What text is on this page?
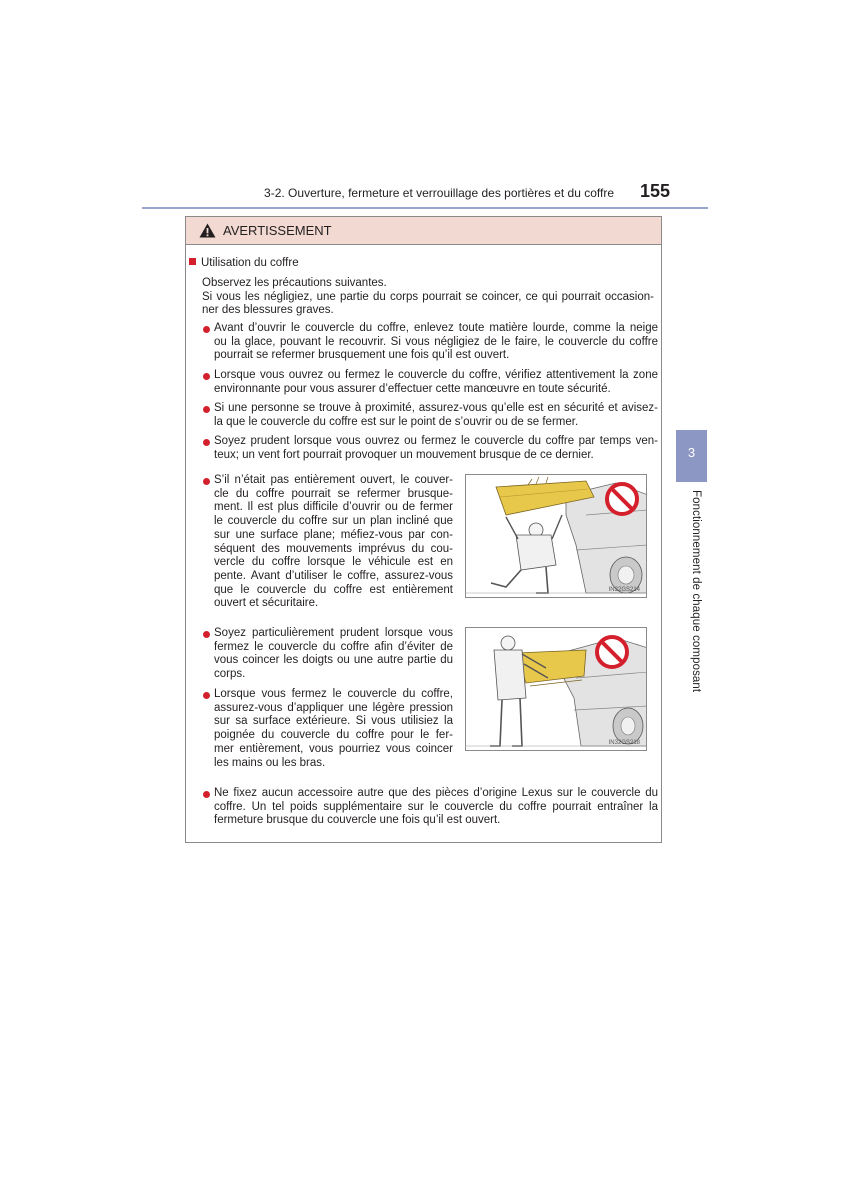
3-2. Ouverture, fermeture et verrouillage des portières et du coffre 155
3
Fonctionnement de chaque composant
AVERTISSEMENT
Utilisation du coffre
Observez les précautions suivantes.
Si vous les négligiez, une partie du corps pourrait se coincer, ce qui pourrait occasion-
ner des blessures graves.
Avant d’ouvrir le couvercle du coffre, enlevez toute matière lourde, comme la neige
ou la glace, pouvant le recouvrir. Si vous négligiez de le faire, le couvercle du coffre
pourrait se refermer brusquement une fois qu’il est ouvert.
Lorsque vous ouvrez ou fermez le couvercle du coffre, vérifiez attentivement la zone
environnante pour vous assurer d’effectuer cette manœuvre en toute sécurité.
Si une personne se trouve à proximité, assurez-vous qu’elle est en sécurité et avisez-
la que le couvercle du coffre est sur le point de s’ouvrir ou de se fermer.
Soyez prudent lorsque vous ouvrez ou fermez le couvercle du coffre par temps ven-
teux; un vent fort pourrait provoquer un mouvement brusque de ce dernier.
S’il n’était pas entièrement ouvert, le couver-
cle du coffre pourrait se refermer brusque-
ment. Il est plus difficile d’ouvrir ou de fermer
le couvercle du coffre sur un plan incliné que
sur une surface plane; méfiez-vous par con-
séquent des mouvements imprévus du cou-
vercle du coffre lorsque le véhicule est en
pente. Avant d’utiliser le coffre, assurez-vous
que le couvercle du coffre est entièrement
ouvert et sécuritaire.
IN32GS214
Soyez particulièrement prudent lorsque vous
fermez le couvercle du coffre afin d’éviter de
vous coincer les doigts ou une autre partie du
corps.
Lorsque vous fermez le couvercle du coffre,
assurez-vous d’appliquer une légère pression
sur sa surface extérieure. Si vous utilisiez la
poignée du couvercle du coffre pour le fer-
mer entièrement, vous pourriez vous coincer
les mains ou les bras.
IN32GS218
Ne fixez aucun accessoire autre que des pièces d’origine Lexus sur le couvercle du
coffre. Un tel poids supplémentaire sur le couvercle du coffre pourrait entraîner la
fermeture brusque du couvercle une fois qu’il est ouvert.
